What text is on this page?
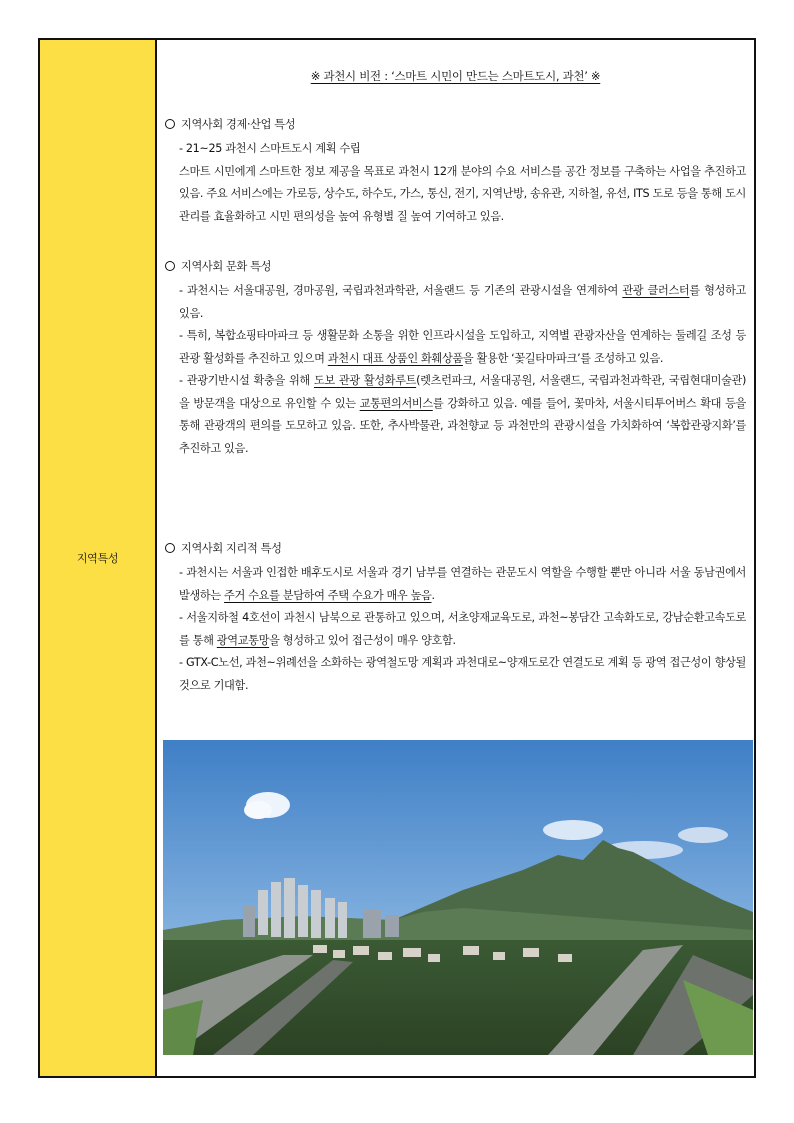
지역특성
※ 과천시 비전 : ‘스마트 시민이 만드는 스마트도시, 과천’ ※
지역사회 경제·산업 특성
- 21~25 과천시 스마트도시 계획 수립
스마트 시민에게 스마트한 정보 제공을 목표로 과천시 12개 분야의 수요 서비스를 공간 정보를 구축하는 사업을 추진하고 있음. 주요 서비스에는 가로등, 상수도, 하수도, 가스, 통신, 전기, 지역난방, 송유관, 지하철, 유선, ITS 도로 등을 통해 도시 관리를 효율화하고 시민 편의성을 높여 유형별 질 높여 기여하고 있음.
지역사회 문화 특성
- 과천시는 서울대공원, 경마공원, 국립과천과학관, 서울랜드 등 기존의 관광시설을 연계하여 관광 클러스터를 형성하고 있음.
- 특히, 복합쇼핑타마파크 등 생활문화 소통을 위한 인프라시설을 도입하고, 지역별 관광자산을 연계하는 둘레길 조성 등 관광 활성화를 추진하고 있으며 과천시 대표 상품인 화훼상품을 활용한 ‘꽃길타마파크’를 조성하고 있음.
- 관광기반시설 확충을 위해 도보 관광 활성화루트(렛츠런파크, 서울대공원, 서울랜드, 국립과천과학관, 국립현대미술관)을 방문객을 대상으로 유인할 수 있는 교통편의서비스를 강화하고 있음. 예를 들어, 꽃마차, 서울시티투어버스 확대 등을 통해 관광객의 편의를 도모하고 있음. 또한, 추사박물관, 과천향교 등 과천만의 관광시설을 가치화하여 ‘복합관광지화’를 추진하고 있음.
지역사회 지리적 특성
- 과천시는 서울과 인접한 배후도시로 서울과 경기 남부를 연결하는 관문도시 역할을 수행할 뿐만 아니라 서울 동남권에서 발생하는 주거 수요를 분담하여 주택 수요가 매우 높음.
- 서울지하철 4호선이 과천시 남북으로 관통하고 있으며, 서초양재교육도로, 과천~봉담간 고속화도로, 강남순환고속도로를 통해 광역교통망을 형성하고 있어 접근성이 매우 양호함.
- GTX-C노선, 과천~위례선을 소화하는 광역철도망 계획과 과천대로~양재도로간 연결도로 계획 등 광역 접근성이 향상될 것으로 기대함.
